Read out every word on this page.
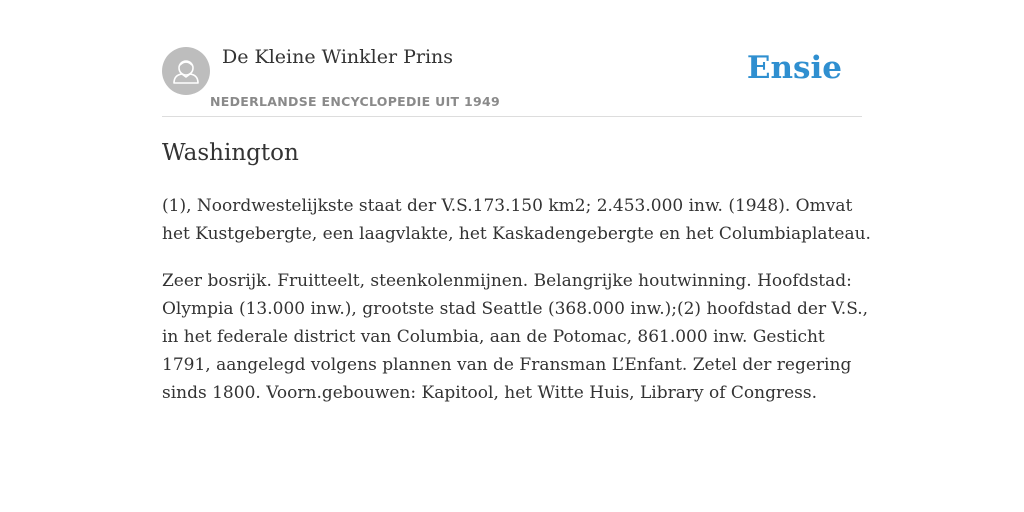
De Kleine Winkler Prins
NEDERLANDSE ENCYCLOPEDIE UIT 1949
Ensie
Washington

(1), Noordwestelijkste staat der V.S.173.150 km2; 2.453.000 inw. (1948). Omvat
het Kustgebergte, een laagvlakte, het Kaskadengebergte en het Columbiaplateau.

Zeer bosrijk. Fruitteelt, steenkolenmijnen. Belangrijke houtwinning. Hoofdstad:
Olympia (13.000 inw.), grootste stad Seattle (368.000 inw.);(2) hoofdstad der V.S.,
in het federale district van Columbia, aan de Potomac, 861.000 inw. Gesticht
1791, aangelegd volgens plannen van de Fransman L’Enfant. Zetel der regering
sinds 1800. Voorn.gebouwen: Kapitool, het Witte Huis, Library of Congress.
